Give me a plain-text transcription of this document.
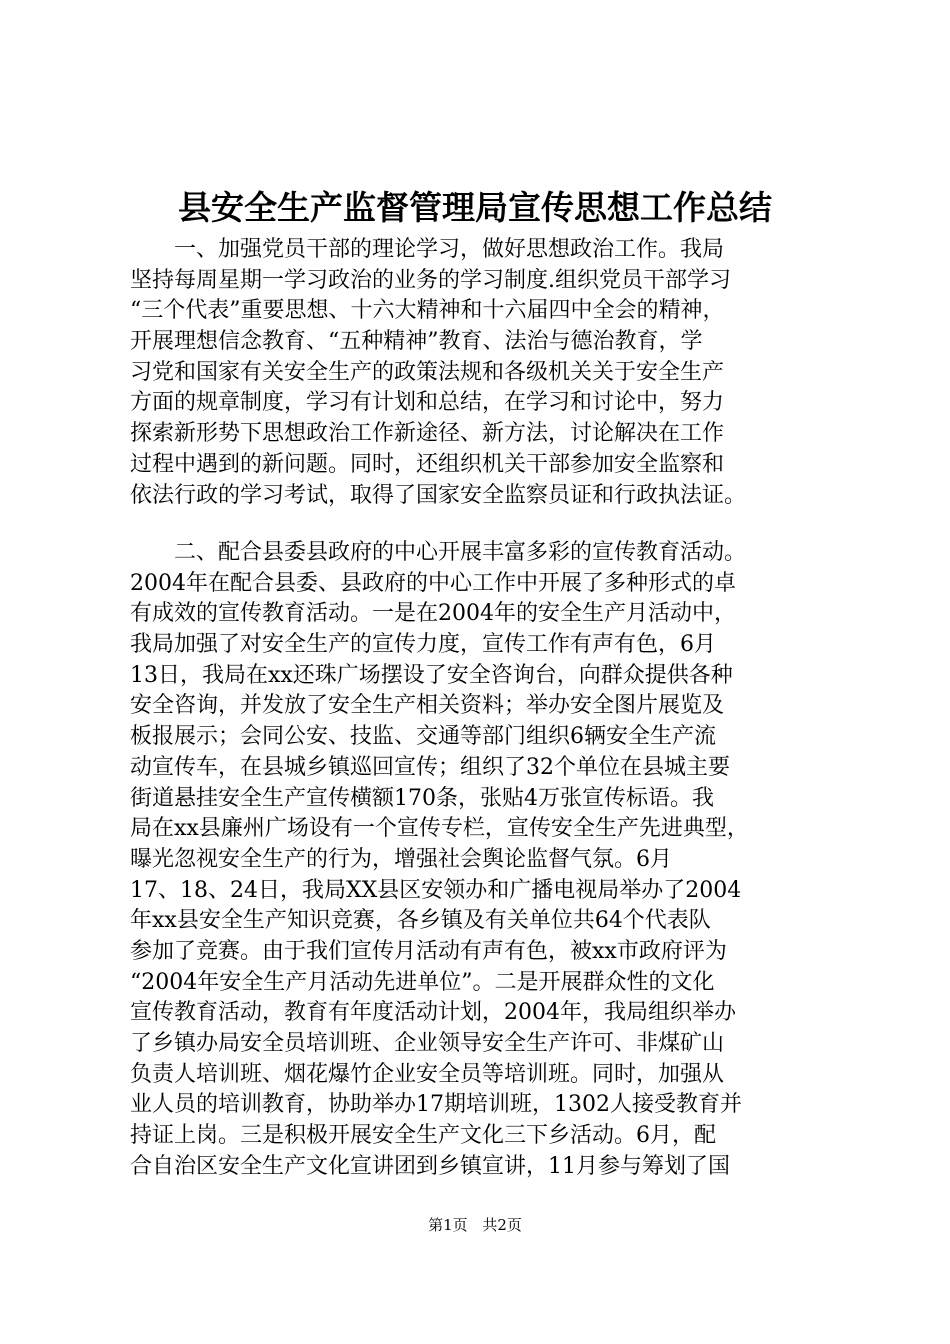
县安全生产监督管理局宣传思想工作总结
　　一、加强党员干部的理论学习，做好思想政治工作。我局
坚持每周星期一学习政治的业务的学习制度.组织党员干部学习
“三个代表”重要思想、十六大精神和十六届四中全会的精神，
开展理想信念教育、“五种精神”教育、法治与德治教育，学
习党和国家有关安全生产的政策法规和各级机关关于安全生产
方面的规章制度，学习有计划和总结，在学习和讨论中，努力
探索新形势下思想政治工作新途径、新方法，讨论解决在工作
过程中遇到的新问题。同时，还组织机关干部参加安全监察和
依法行政的学习考试，取得了国家安全监察员证和行政执法证。
　　二、配合县委县政府的中心开展丰富多彩的宣传教育活动。
2004年在配合县委、县政府的中心工作中开展了多种形式的卓
有成效的宣传教育活动。一是在2004年的安全生产月活动中，
我局加强了对安全生产的宣传力度，宣传工作有声有色，6月
13日，我局在xx还珠广场摆设了安全咨询台，向群众提供各种
安全咨询，并发放了安全生产相关资料；举办安全图片展览及
板报展示；会同公安、技监、交通等部门组织6辆安全生产流
动宣传车，在县城乡镇巡回宣传；组织了32个单位在县城主要
街道悬挂安全生产宣传横额170条，张贴4万张宣传标语。我
局在xx县廉州广场设有一个宣传专栏，宣传安全生产先进典型，
曝光忽视安全生产的行为，增强社会舆论监督气氛。6月
17、18、24日，我局XX县区安领办和广播电视局举办了2004
年xx县安全生产知识竞赛，各乡镇及有关单位共64个代表队
参加了竞赛。由于我们宣传月活动有声有色，被xx市政府评为
“2004年安全生产月活动先进单位”。二是开展群众性的文化
宣传教育活动，教育有年度活动计划，2004年，我局组织举办
了乡镇办局安全员培训班、企业领导安全生产许可、非煤矿山
负责人培训班、烟花爆竹企业安全员等培训班。同时，加强从
业人员的培训教育，协助举办17期培训班，1302人接受教育并
持证上岗。三是积极开展安全生产文化三下乡活动。6月，配
合自治区安全生产文化宣讲团到乡镇宣讲，11月参与筹划了国
第1页 共2页
